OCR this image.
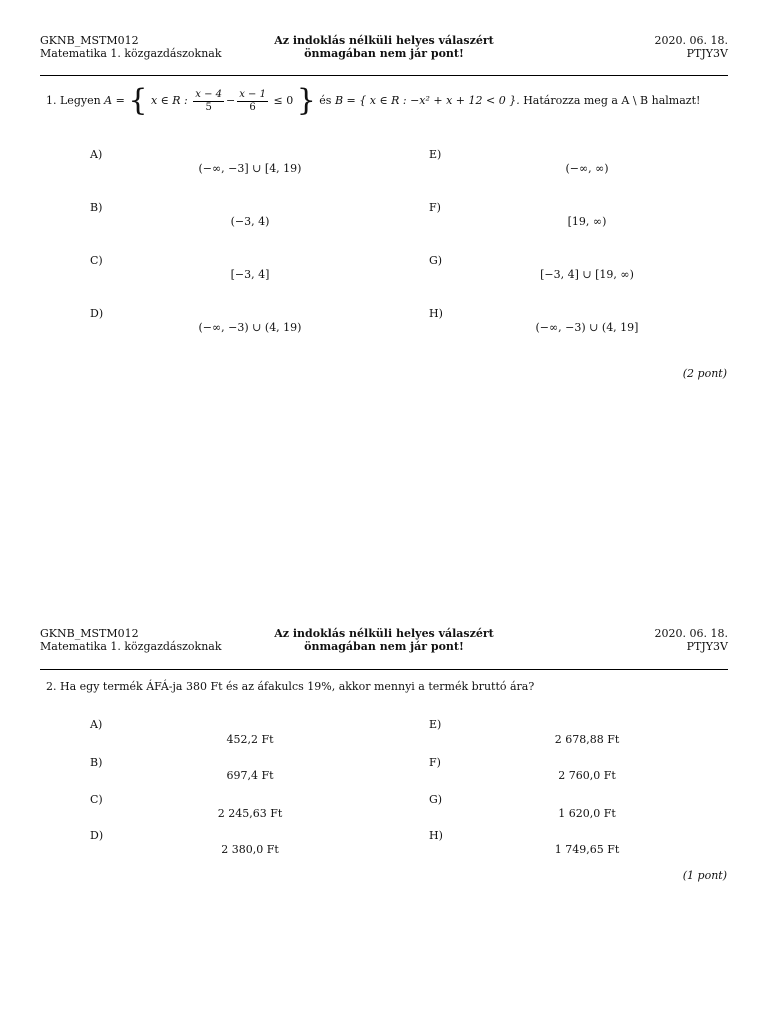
GKNB_MSTM012
Matematika 1. közgazdászoknak
Az indoklás nélküli helyes válaszért
önmagában nem jár pont!
2020. 06. 18.
PTJY3V
1. Legyen A = { x ∈ R : $\frac{x - 4}{5} - \frac{x - 1}{6} \le 0$ } és B = { x ∈ R : −x² + x + 12 < 0 }. Határozza meg a A \ B halmazt!
A)
(−∞, −3] ∪ [4, 19)
B)
(−3, 4)
C)
[−3, 4]
D)
(−∞, −3) ∪ (4, 19)
E)
(−∞, ∞)
F)
[19, ∞)
G)
[−3, 4] ∪ [19, ∞)
H)
(−∞, −3) ∪ (4, 19]
(2 pont)
GKNB_MSTM012
Matematika 1. közgazdászoknak
Az indoklás nélküli helyes válaszért
önmagában nem jár pont!
2020. 06. 18.
PTJY3V
2. Ha egy termék ÁFÁ-ja 380 Ft és az áfakulcs 19%, akkor mennyi a termék bruttó ára?
A)
452,2 Ft
B)
697,4 Ft
C)
2 245,63 Ft
D)
2 380,0 Ft
E)
2 678,88 Ft
F)
2 760,0 Ft
G)
1 620,0 Ft
H)
1 749,65 Ft
(1 pont)
